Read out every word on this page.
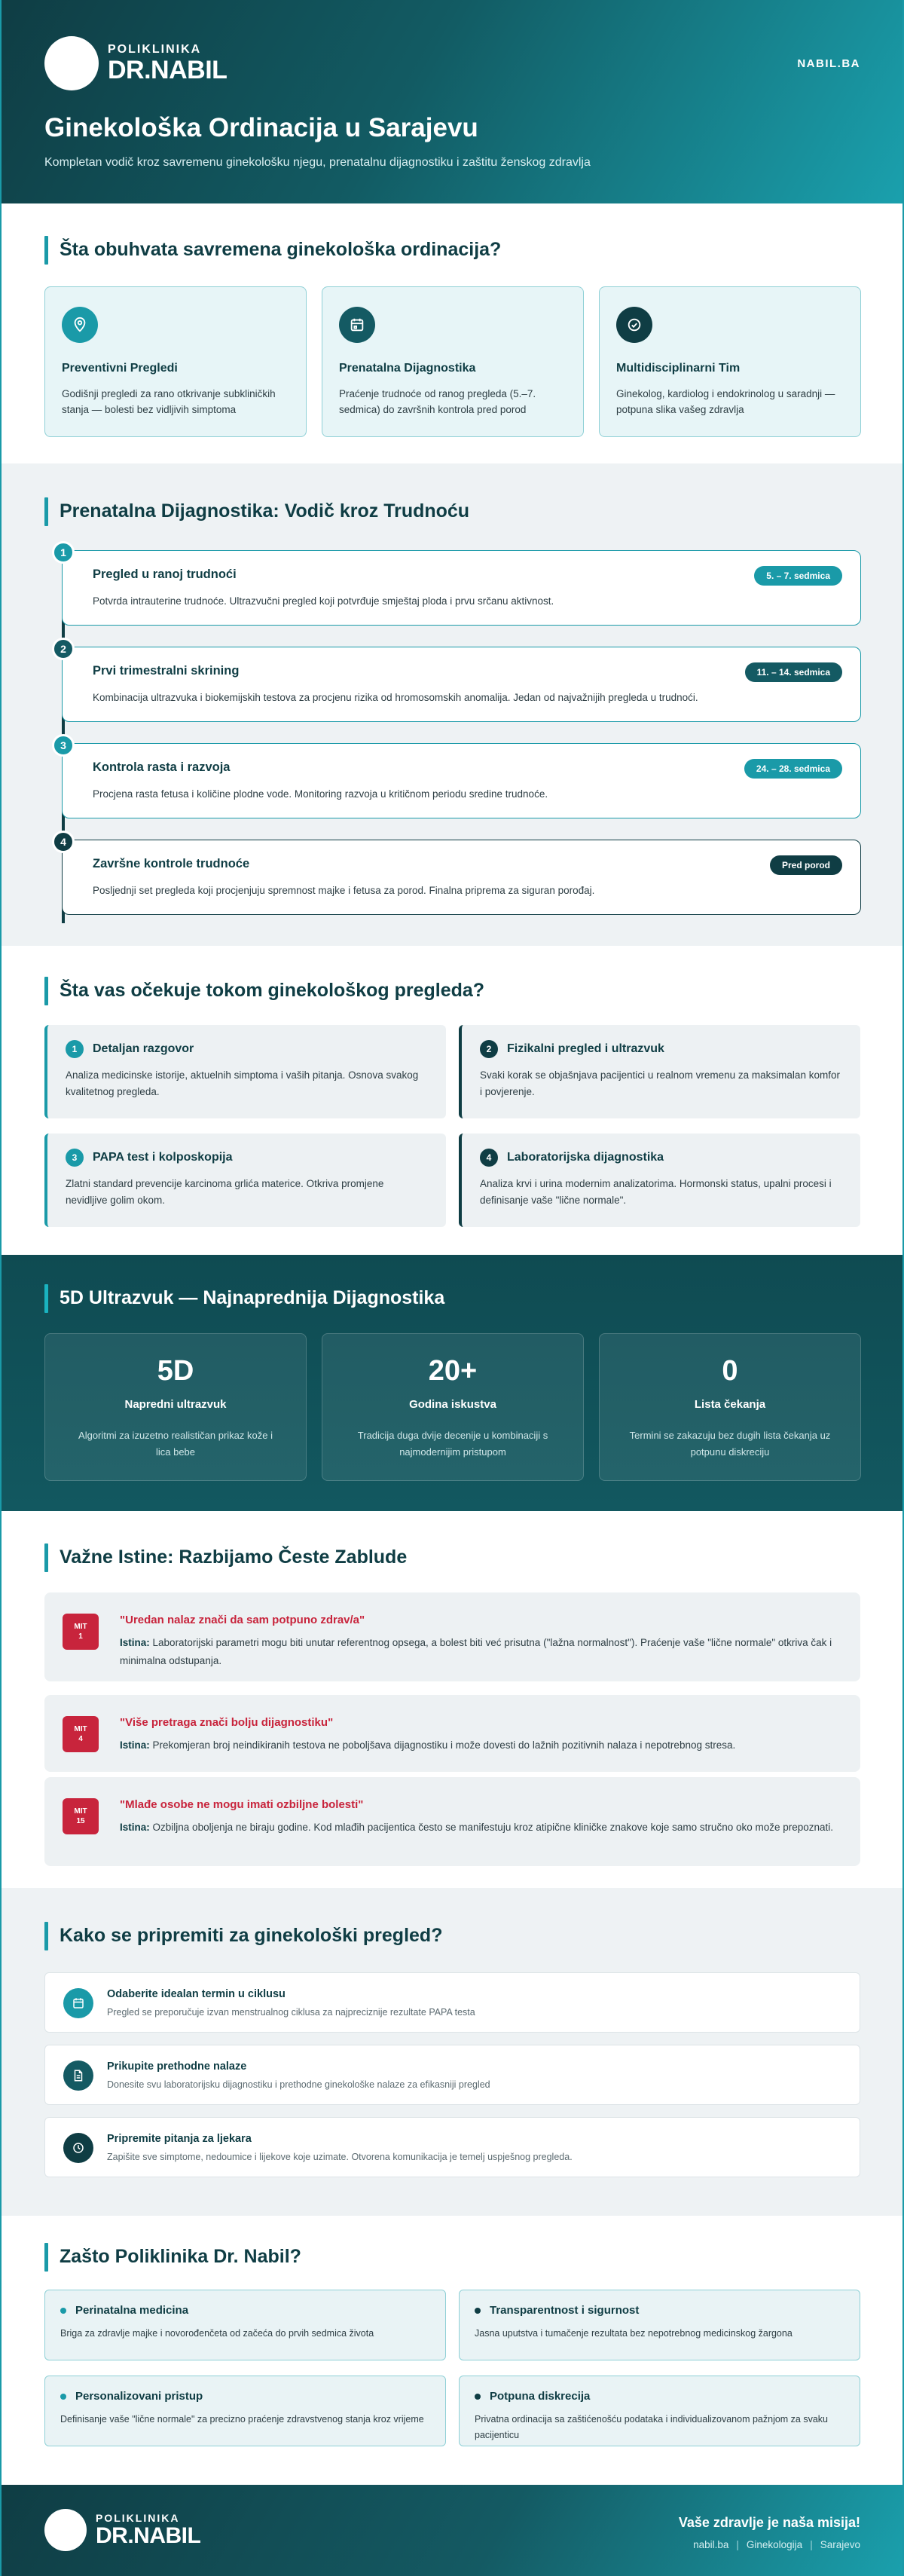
POLIKLINIKA
DR.NABIL	NABIL.BA
Ginekološka Ordinacija u Sarajevu

Kompletan vodič kroz savremenu ginekološku njegu, prenatalnu dijagnostiku i zaštitu ženskog zdravlja

Šta obuhvata savremena ginekološka ordinacija?
Preventivni Pregledi

Godišnji pregledi za rano otkrivanje subkliničkih stanja — bolesti bez vidljivih simptoma

Prenatalna Dijagnostika

Praćenje trudnoće od ranog pregleda (5.–7. sedmica) do završnih kontrola pred porod

Multidisciplinarni Tim

Ginekolog, kardiolog i endokrinolog u saradnji — potpuna slika vašeg zdravlja

Prenatalna Dijagnostika: Vodič kroz Trudnoću
1
Pregled u ranoj trudnoći

Potvrda intrauterine trudnoće. Ultrazvučni pregled koji potvrđuje smještaj ploda i prvu srčanu aktivnost.

5. – 7. sedmica
2
Prvi trimestralni skrining

Kombinacija ultrazvuka i biokemijskih testova za procjenu rizika od hromosomskih anomalija. Jedan od najvažnijih pregleda u trudnoći.

11. – 14. sedmica
3
Kontrola rasta i razvoja

Procjena rasta fetusa i količine plodne vode. Monitoring razvoja u kritičnom periodu sredine trudnoće.

24. – 28. sedmica
4
Završne kontrole trudnoće

Posljednji set pregleda koji procjenjuju spremnost majke i fetusa za porod. Finalna priprema za siguran porođaj.

Pred porod
Šta vas očekuje tokom ginekološkog pregleda?
1	Detaljan razgovor

Analiza medicinske istorije, aktuelnih simptoma i vaših pitanja. Osnova svakog kvalitetnog pregleda.

2	Fizikalni pregled i ultrazvuk

Svaki korak se objašnjava pacijentici u realnom vremenu za maksimalan komfor i povjerenje.

3	PAPA test i kolposkopija

Zlatni standard prevencije karcinoma grlića materice. Otkriva promjene nevidljive golim okom.

4	Laboratorijska dijagnostika

Analiza krvi i urina modernim analizatorima. Hormonski status, upalni procesi i definisanje vaše "lične normale".

5D Ultrazvuk — Najnaprednija Dijagnostika
5D
Napredni ultrazvuk
Algoritmi za izuzetno realističan prikaz kože i lica bebe
20+
Godina iskustva
Tradicija duga dvije decenije u kombinaciji s najmodernijim pristupom
0
Lista čekanja
Termini se zakazuju bez dugih lista čekanja uz potpunu diskreciju
Važne Istine: Razbijamo Česte Zablude
MIT
1
"Uredan nalaz znači da sam potpuno zdrav/a"
Istina: Laboratorijski parametri mogu biti unutar referentnog opsega, a bolest biti već prisutna ("lažna normalnost"). Praćenje vaše "lične normale" otkriva čak i minimalna odstupanja.
MIT
4
"Više pretraga znači bolju dijagnostiku"
Istina: Prekomjeran broj neindikiranih testova ne poboljšava dijagnostiku i može dovesti do lažnih pozitivnih nalaza i nepotrebnog stresa.
MIT
15
"Mlađe osobe ne mogu imati ozbiljne bolesti"
Istina: Ozbiljna oboljenja ne biraju godine. Kod mlađih pacijentica često se manifestuju kroz atipične kliničke znakove koje samo stručno oko može prepoznati.
Kako se pripremiti za ginekološki pregled?
Odaberite idealan termin u ciklusu

Pregled se preporučuje izvan menstrualnog ciklusa za najpreciznije rezultate PAPA testa

Prikupite prethodne nalaze

Donesite svu laboratorijsku dijagnostiku i prethodne ginekološke nalaze za efikasniji pregled

Pripremite pitanja za ljekara

Zapišite sve simptome, nedoumice i lijekove koje uzimate. Otvorena komunikacija je temelj uspješnog pregleda.

Zašto Poliklinika Dr. Nabil?
Perinatalna medicina

Briga za zdravlje majke i novorođenčeta od začeća do prvih sedmica života

Transparentnost i sigurnost

Jasna uputstva i tumačenje rezultata bez nepotrebnog medicinskog žargona

Personalizovani pristup

Definisanje vaše "lične normale" za precizno praćenje zdravstvenog stanja kroz vrijeme

Potpuna diskrecija

Privatna ordinacija sa zaštićenošću podataka i individualizovanom pažnjom za svaku pacijenticu

POLIKLINIKA
DR.NABIL
Vaše zdravlje je naša misija!
nabil.ba | Ginekologija | Sarajevo
